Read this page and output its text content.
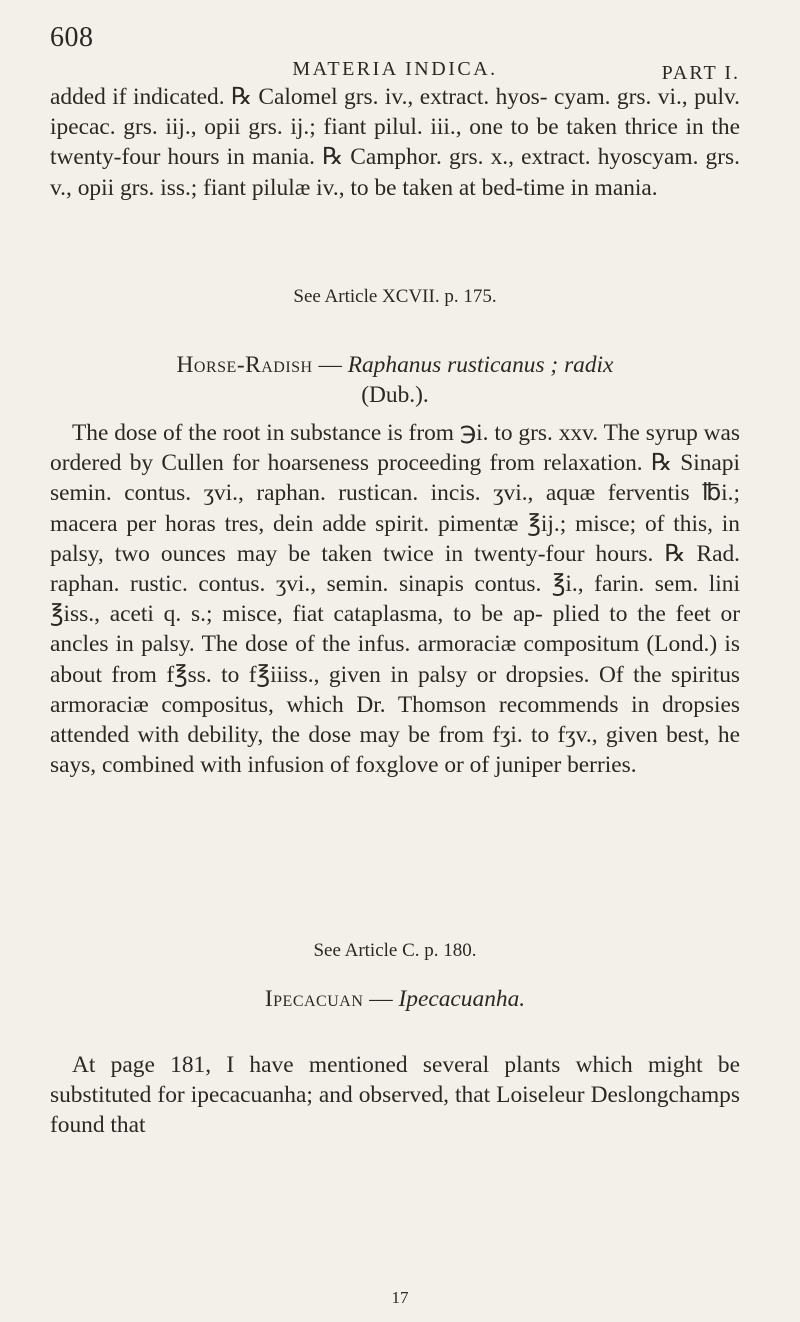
608
MATERIA INDICA.	PART I.

added if indicated. ℞ Calomel grs. iv., extract. hyos- cyam. grs. vi., pulv. ipecac. grs. iij., opii grs. ij.; fiant pilul. iii., one to be taken thrice in the twenty-four hours in mania. ℞ Camphor. grs. x., extract. hyoscyam. grs. v., opii grs. iss.; fiant pilulæ iv., to be taken at bed-time in mania.

See Article XCVII. p. 175.

Horse-Radish — Raphanus rusticanus ; radix
(Dub.).

The dose of the root in substance is from ℈i. to grs. xxv. The syrup was ordered by Cullen for hoarseness proceeding from relaxation. ℞ Sinapi semin. contus. ʒvi., raphan. rustican. incis. ʒvi., aquæ ferventis ℔i.; macera per horas tres, dein adde spirit. pimentæ ℥ij.; misce; of this, in palsy, two ounces may be taken twice in twenty-four hours. ℞ Rad. raphan. rustic. contus. ʒvi., semin. sinapis contus. ℥i., farin. sem. lini ℥iss., aceti q. s.; misce, fiat cataplasma, to be ap- plied to the feet or ancles in palsy. The dose of the infus. armoraciæ compositum (Lond.) is about from f℥ss. to f℥iiiss., given in palsy or dropsies. Of the spiritus armoraciæ compositus, which Dr. Thomson recommends in dropsies attended with debility, the dose may be from fʒi. to fʒv., given best, he says, combined with infusion of foxglove or of juniper berries.

See Article C. p. 180.

Ipecacuan — Ipecacuanha.

At page 181, I have mentioned several plants which might be substituted for ipecacuanha; and observed, that Loiseleur Deslongchamps found that

17
